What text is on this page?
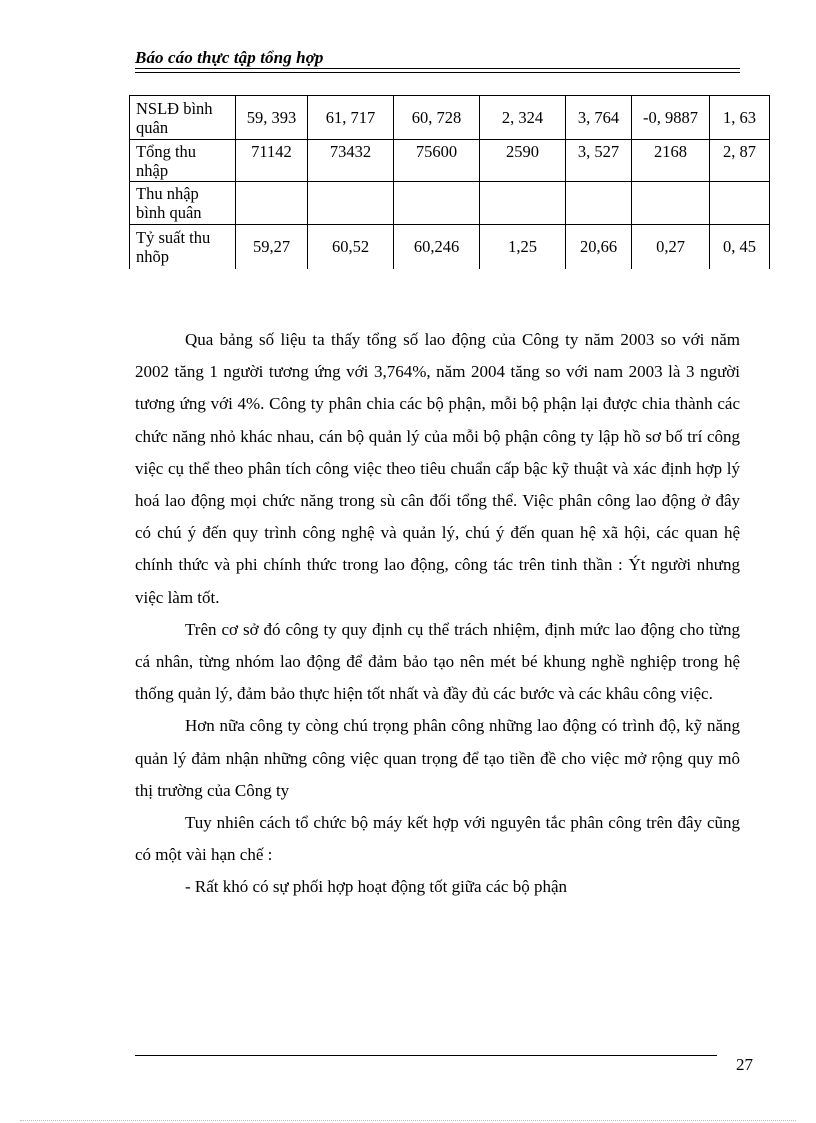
Báo cáo thực tập tổng hợp
NSLĐ bình quân	59, 393	61, 717	60, 728	2, 324	3, 764	-0, 9887	1, 63
Tổng thu nhập	71142	73432	75600	2590	3, 527	2168	2, 87
Thu nhập bình quân							
Tỷ suất thu nhõp	59,27	60,52	60,246	1,25	20,66	0,27	0, 45

Qua bảng số liệu ta thấy tổng số lao động của Công ty năm 2003 so với năm 2002 tăng 1 người tương ứng với 3,764%, năm 2004 tăng so với nam 2003 là 3 người tương ứng với 4%. Công ty phân chia các bộ phận, mỗi bộ phận lại được chia thành các chức năng nhỏ khác nhau, cán bộ quản lý của mỗi bộ phận công ty lập hồ sơ bố trí công việc cụ thể theo phân tích công việc theo tiêu chuẩn cấp bậc kỹ thuật và xác định hợp lý hoá lao động mọi chức năng trong sù cân đối tổng thể. Việc phân công lao động ở đây có chú ý đến quy trình công nghệ và quản lý, chú ý đến quan hệ xã hội, các quan hệ chính thức và phi chính thức trong lao động, công tác trên tinh thần : Ýt người nhưng việc làm tốt.

Trên cơ sở đó công ty quy định cụ thể trách nhiệm, định mức lao động cho từng cá nhân, từng nhóm lao động để đảm bảo tạo nên mét bé khung nghề nghiệp trong hệ thống quản lý, đảm bảo thực hiện tốt nhất và đầy đủ các bước và các khâu công việc.

Hơn nữa công ty còng chú trọng phân công những lao động có trình độ, kỹ năng quản lý đảm nhận những công việc quan trọng để tạo tiền đề cho việc mở rộng quy mô thị trường của Công ty

Tuy nhiên cách tổ chức bộ máy kết hợp với nguyên tắc phân công trên đây cũng có một vài hạn chế :

- Rất khó có sự phối hợp hoạt động tốt giữa các bộ phận

27
